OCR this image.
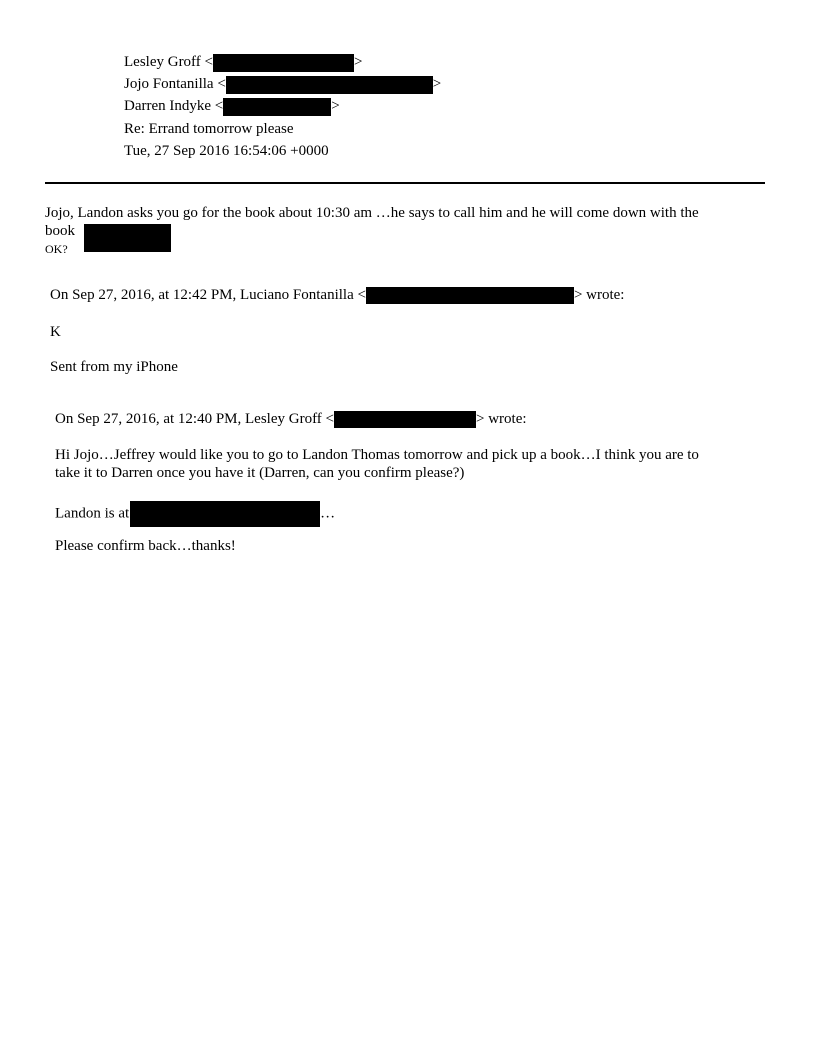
Lesley Groff <	>
Jojo Fontanilla <	>
Darren Indyke <	>
Re: Errand tomorrow please
Tue, 27 Sep 2016 16:54:06 +0000
Jojo, Landon asks you go for the book about 10:30 am …he says to call him and he will come down with the
book
OK?
On Sep 27, 2016, at 12:42 PM, Luciano Fontanilla <	> wrote:
K
Sent from my iPhone
On Sep 27, 2016, at 12:40 PM, Lesley Groff <	> wrote:
Hi Jojo…Jeffrey would like you to go to Landon Thomas tomorrow and pick up a book…I think you are to
take it to Darren once you have it (Darren, can you confirm please?)
Landon is at	…
Please confirm back…thanks!
